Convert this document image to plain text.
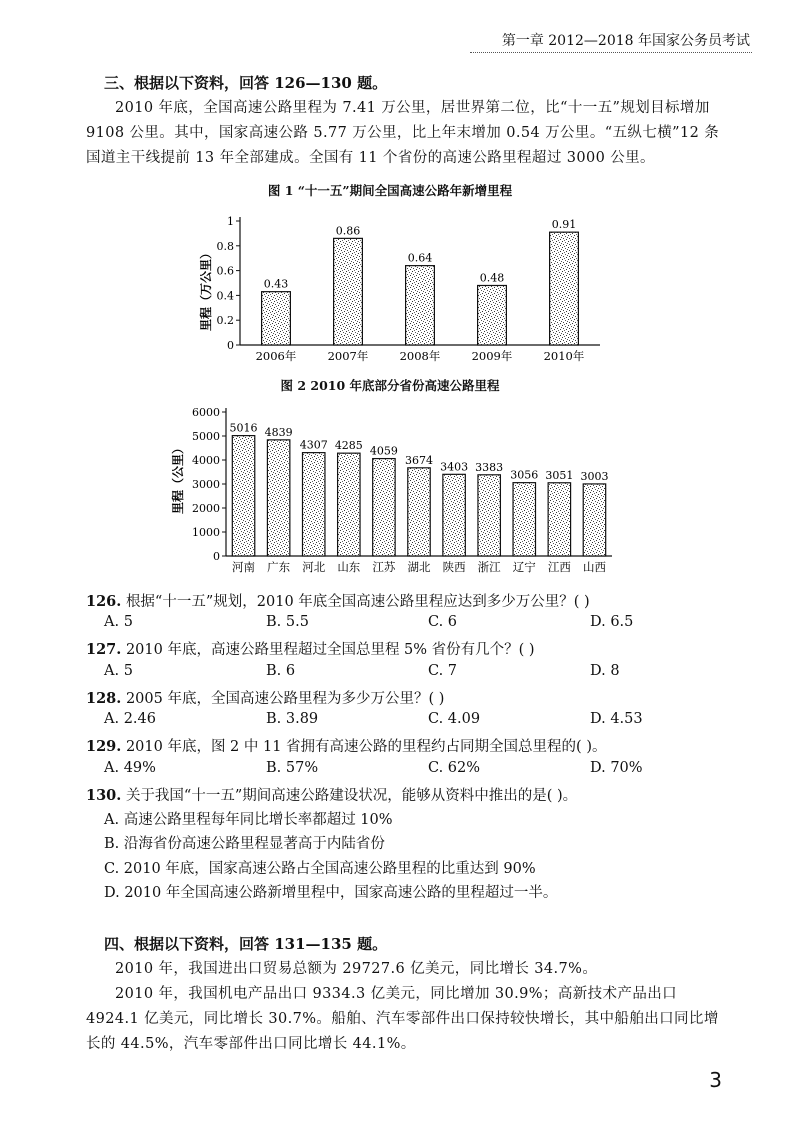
第一章 2012—2018 年国家公务员考试
三、根据以下资料，回答 126—130 题。

2010 年底，全国高速公路里程为 7.41 万公里，居世界第二位，比“十一五”规划目标增加 9108 公里。其中，国家高速公路 5.77 万公里，比上年末增加 0.54 万公里。“五纵七横”12 条国道主干线提前 13 年全部建成。全国有 11 个省份的高速公路里程超过 3000 公里。

图 1 “十一五”期间全国高速公路年新增里程
里程（万公里）
0
0.2
0.4
0.6
0.8
1
0.43
2006年
0.86
2007年
0.64
2008年
0.48
2009年
0.91
2010年
图 2 2010 年底部分省份高速公路里程
里程（公里）
0
1000
2000
3000
4000
5000
6000
5016
河南
4839
广东
4307
河北
4285
山东
4059
江苏
3674
湖北
3403
陕西
3383
浙江
3056
辽宁
3051
江西
3003
山西
126. 根据“十一五”规划，2010 年底全国高速公路里程应达到多少万公里？( )
A. 5	B. 5.5	C. 6	D. 6.5
127. 2010 年底，高速公路里程超过全国总里程 5% 省份有几个？( )
A. 5	B. 6	C. 7	D. 8
128. 2005 年底，全国高速公路里程为多少万公里？( )
A. 2.46	B. 3.89	C. 4.09	D. 4.53
129. 2010 年底，图 2 中 11 省拥有高速公路的里程约占同期全国总里程的( )。
A. 49%	B. 57%	C. 62%	D. 70%
130. 关于我国“十一五”期间高速公路建设状况，能够从资料中推出的是( )。
A. 高速公路里程每年同比增长率都超过 10%
B. 沿海省份高速公路里程显著高于内陆省份
C. 2010 年底，国家高速公路占全国高速公路里程的比重达到 90%
D. 2010 年全国高速公路新增里程中，国家高速公路的里程超过一半。
四、根据以下资料，回答 131—135 题。

2010 年，我国进出口贸易总额为 29727.6 亿美元，同比增长 34.7%。

2010 年，我国机电产品出口 9334.3 亿美元，同比增加 30.9%；高新技术产品出口 4924.1 亿美元，同比增长 30.7%。船舶、汽车零部件出口保持较快增长，其中船舶出口同比增长的 44.5%，汽车零部件出口同比增长 44.1%。

3
